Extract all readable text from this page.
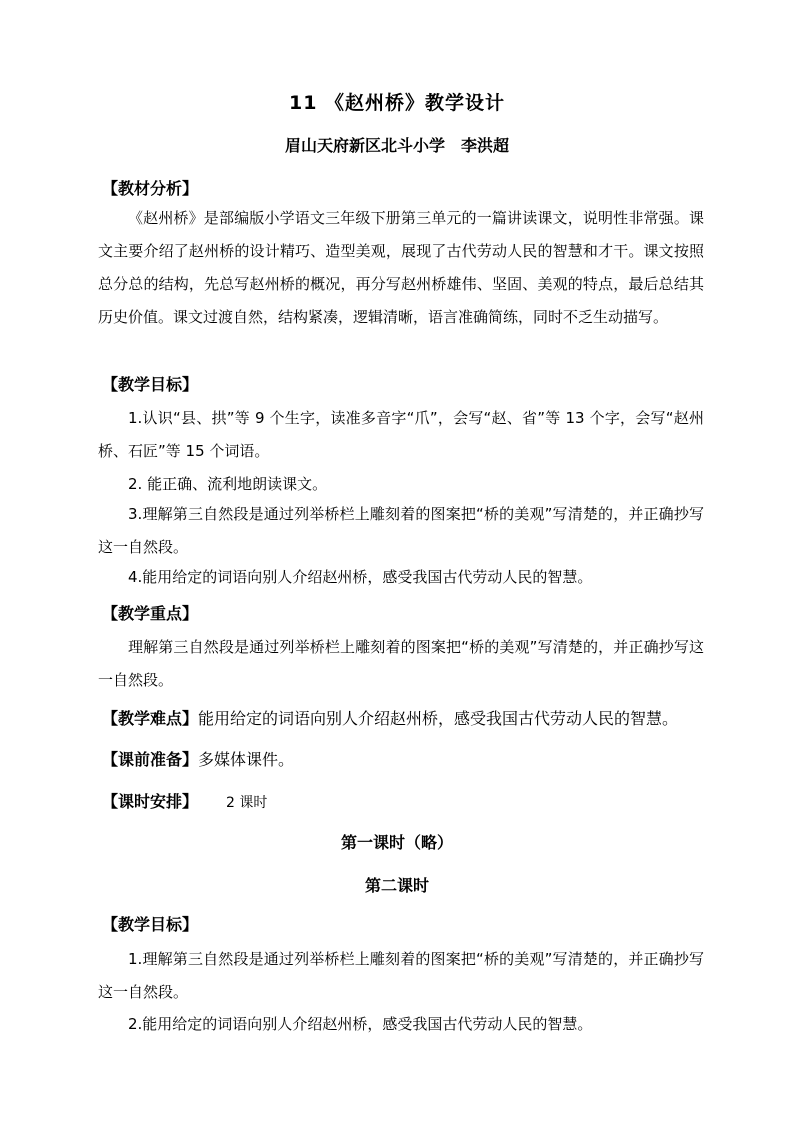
11 《赵州桥》教学设计
眉山天府新区北斗小学　李洪超
【教材分析】

《赵州桥》是部编版小学语文三年级下册第三单元的一篇讲读课文，说明性非常强。课文主要介绍了赵州桥的设计精巧、造型美观，展现了古代劳动人民的智慧和才干。课文按照总分总的结构，先总写赵州桥的概况，再分写赵州桥雄伟、坚固、美观的特点，最后总结其历史价值。课文过渡自然，结构紧凑，逻辑清晰，语言准确简练，同时不乏生动描写。

【教学目标】

1.认识“县、拱”等 9 个生字，读准多音字“爪”，会写“赵、省”等 13 个字，会写“赵州桥、石匠”等 15 个词语。

2. 能正确、流利地朗读课文。

3.理解第三自然段是通过列举桥栏上雕刻着的图案把“桥的美观”写清楚的，并正确抄写这一自然段。

4.能用给定的词语向别人介绍赵州桥，感受我国古代劳动人民的智慧。

【教学重点】

理解第三自然段是通过列举桥栏上雕刻着的图案把“桥的美观”写清楚的，并正确抄写这一自然段。

【教学难点】能用给定的词语向别人介绍赵州桥，感受我国古代劳动人民的智慧。
【课前准备】多媒体课件。
【课时安排】 2 课时
第一课时（略）
第二课时
【教学目标】

1.理解第三自然段是通过列举桥栏上雕刻着的图案把“桥的美观”写清楚的，并正确抄写这一自然段。

2.能用给定的词语向别人介绍赵州桥，感受我国古代劳动人民的智慧。
